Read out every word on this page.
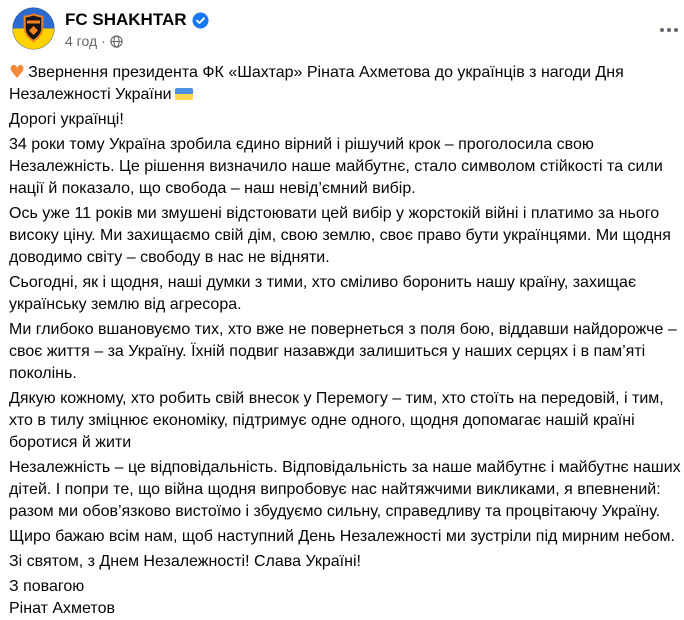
FC SHAKHTAR
4 год ·

♥ Звернення президента ФК «Шахтар» Ріната Ахметова до українців з нагоди Дня Незалежності України

Дорогі українці!

34 роки тому Україна зробила єдино вірний і рішучий крок – проголосила свою Незалежність. Це рішення визначило наше майбутнє, стало символом стійкості та сили нації й показало, що свобода – наш невід’ємний вибір.

Ось уже 11 років ми змушені відстоювати цей вибір у жорстокій війні і платимо за нього високу ціну. Ми захищаємо свій дім, свою землю, своє право бути українцями. Ми щодня доводимо світу – свободу в нас не відняти.

Сьогодні, як і щодня, наші думки з тими, хто сміливо боронить нашу країну, захищає українську землю від агресора.

Ми глибоко вшановуємо тих, хто вже не повернеться з поля бою, віддавши найдорожче – своє життя – за Україну. Їхній подвиг назавжди залишиться у наших серцях і в пам’яті поколінь.

Дякую кожному, хто робить свій внесок у Перемогу – тим, хто стоїть на передовій, і тим, хто в тилу зміцнює економіку, підтримує одне одного, щодня допомагає нашій країні боротися й жити

Незалежність – це відповідальність. Відповідальність за наше майбутнє і майбутнє наших дітей. І попри те, що війна щодня випробовує нас найтяжчими викликами, я впевнений: разом ми обов’язково вистоїмо і збудуємо сильну, справедливу та процвітаючу Україну.

Щиро бажаю всім нам, щоб наступний День Незалежності ми зустріли під мирним небом.

Зі святом, з Днем Незалежності! Слава Україні!

З повагою
Рінат Ахметов
